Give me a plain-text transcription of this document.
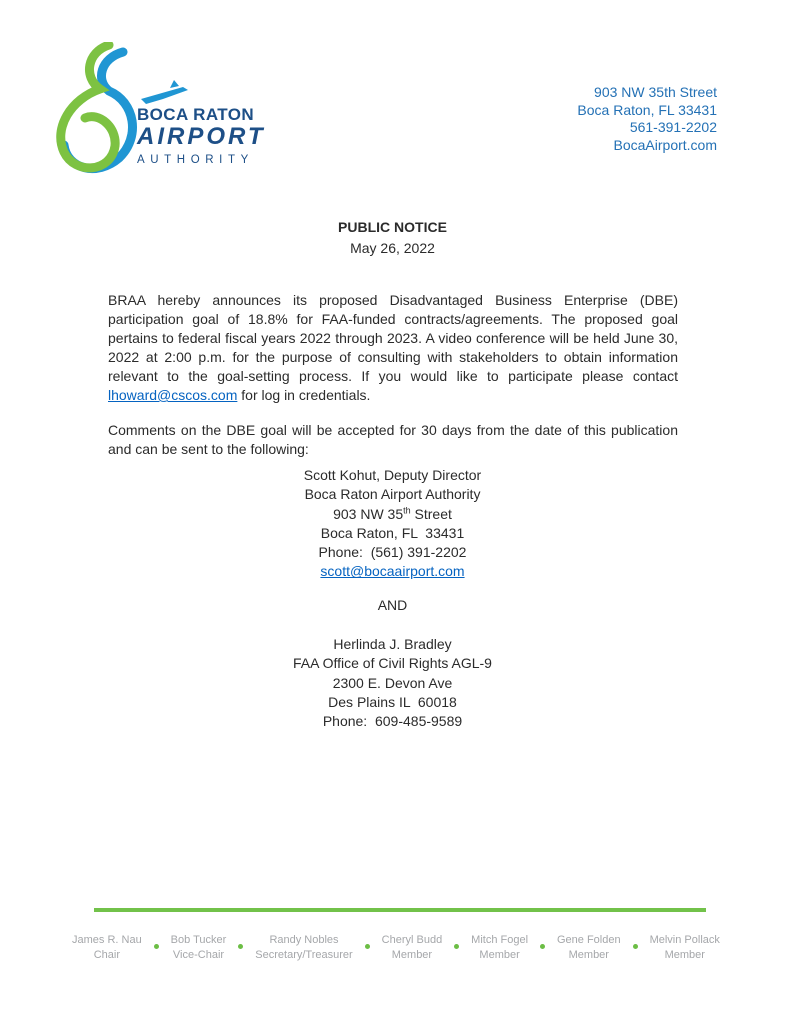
BOCA RATON
AIRPORT
AUTHORITY
903 NW 35th Street
Boca Raton, FL 33431
561-391-2202
BocaAirport.com
PUBLIC NOTICE
May 26, 2022

BRAA hereby announces its proposed Disadvantaged Business Enterprise (DBE) participation goal of 18.8% for FAA-funded contracts/agreements. The proposed goal pertains to federal fiscal years 2022 through 2023. A video conference will be held June 30, 2022 at 2:00 p.m. for the purpose of consulting with stakeholders to obtain information relevant to the goal-setting process. If you would like to participate please contact lhoward@cscos.com for log in credentials.

Comments on the DBE goal will be accepted for 30 days from the date of this publication and can be sent to the following:

Scott Kohut, Deputy Director
Boca Raton Airport Authority
903 NW 35th Street
Boca Raton, FL  33431
Phone:  (561) 391-2202
scott@bocaairport.com
AND
Herlinda J. Bradley
FAA Office of Civil Rights AGL-9
2300 E. Devon Ave
Des Plains IL  60018
Phone:  609-485-9589
James R. Nau
Chair
Bob Tucker
Vice-Chair
Randy Nobles
Secretary/Treasurer
Cheryl Budd
Member
Mitch Fogel
Member
Gene Folden
Member
Melvin Pollack
Member
